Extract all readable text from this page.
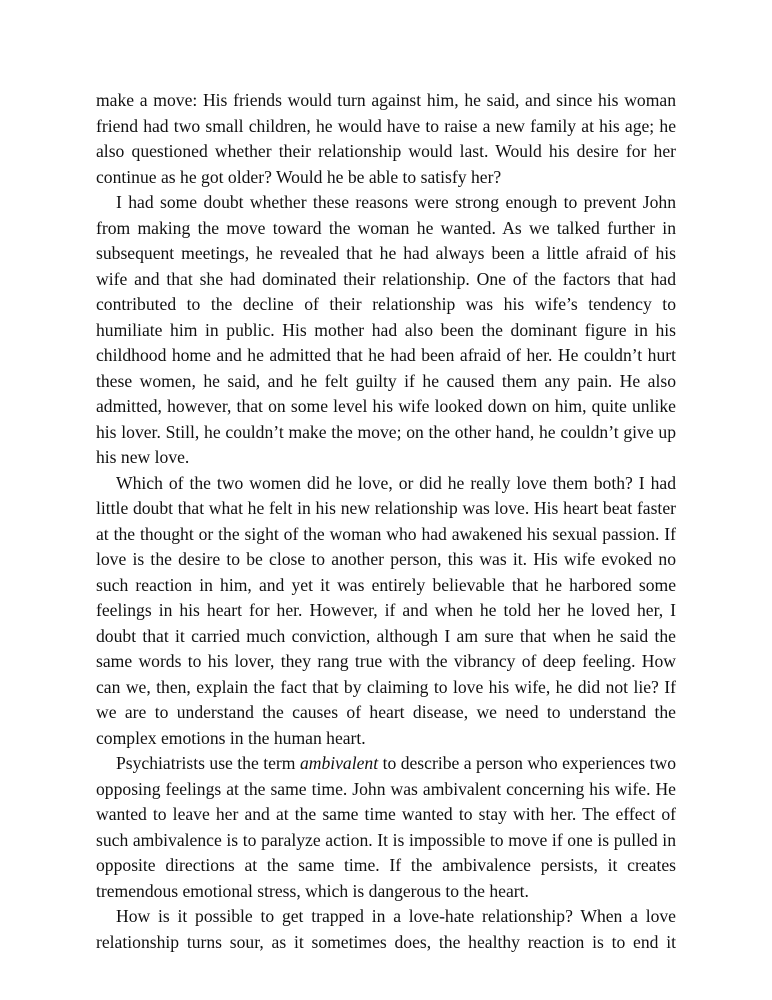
make a move: His friends would turn against him, he said, and since his woman friend had two small children, he would have to raise a new family at his age; he also questioned whether their relationship would last. Would his desire for her continue as he got older? Would he be able to satisfy her?

I had some doubt whether these reasons were strong enough to prevent John from making the move toward the woman he wanted. As we talked further in subsequent meetings, he revealed that he had always been a little afraid of his wife and that she had dominated their relationship. One of the factors that had contributed to the decline of their relationship was his wife’s tendency to humiliate him in public. His mother had also been the dominant figure in his childhood home and he admitted that he had been afraid of her. He couldn’t hurt these women, he said, and he felt guilty if he caused them any pain. He also admitted, however, that on some level his wife looked down on him, quite unlike his lover. Still, he couldn’t make the move; on the other hand, he couldn’t give up his new love.

Which of the two women did he love, or did he really love them both? I had little doubt that what he felt in his new relationship was love. His heart beat faster at the thought or the sight of the woman who had awakened his sexual passion. If love is the desire to be close to another person, this was it. His wife evoked no such reaction in him, and yet it was entirely believable that he harbored some feelings in his heart for her. However, if and when he told her he loved her, I doubt that it carried much conviction, although I am sure that when he said the same words to his lover, they rang true with the vibrancy of deep feeling. How can we, then, explain the fact that by claiming to love his wife, he did not lie? If we are to understand the causes of heart disease, we need to understand the complex emotions in the human heart.

Psychiatrists use the term ambivalent to describe a person who experiences two opposing feelings at the same time. John was ambivalent concerning his wife. He wanted to leave her and at the same time wanted to stay with her. The effect of such ambivalence is to paralyze action. It is impossible to move if one is pulled in opposite directions at the same time. If the ambivalence persists, it creates tremendous emotional stress, which is dangerous to the heart.

How is it possible to get trapped in a love-hate relationship? When a love relationship turns sour, as it sometimes does, the healthy reaction is to end it
